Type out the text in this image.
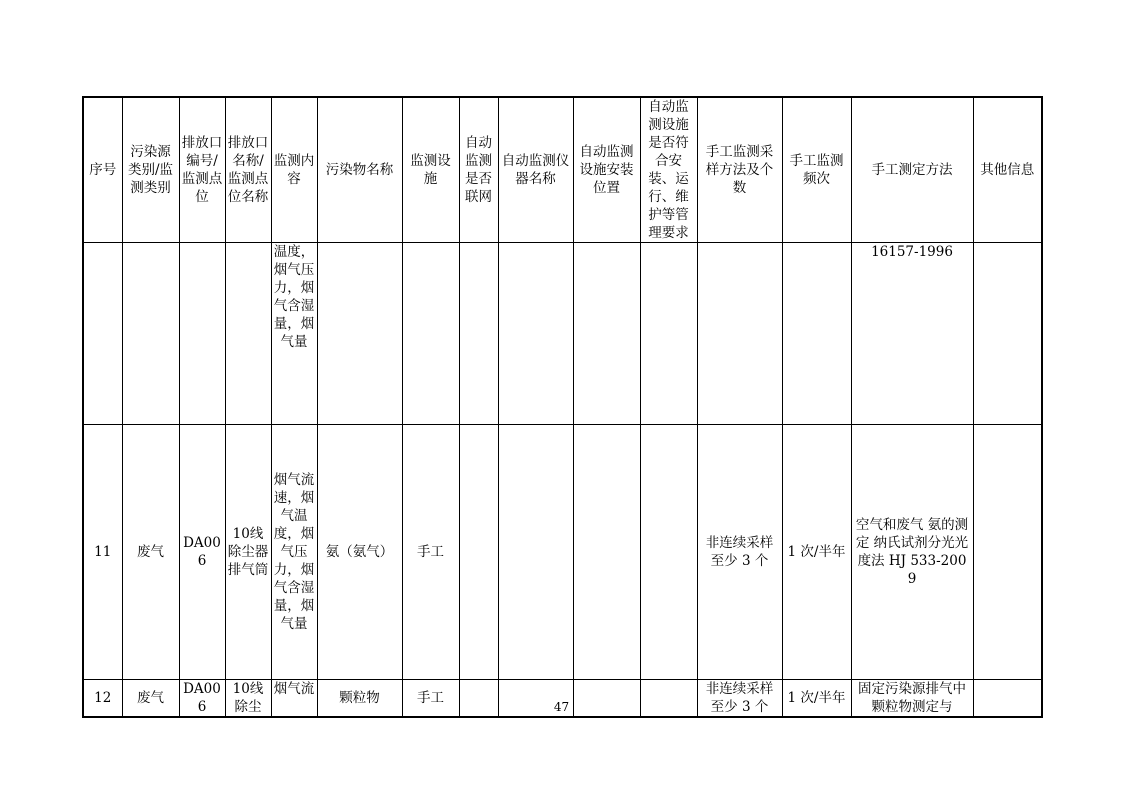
序号	污染源类别/监测类别	排放口编号/监测点位	排放口名称/监测点位名称	监测内容	污染物名称	监测设施	自动监测是否联网	自动监测仪器名称	自动监测设施安装位置	自动监测设施是否符合安装、运行、维护等管理要求	手工监测采样方法及个数	手工监测频次	手工测定方法	其他信息
				温度，烟气压力，烟气含湿量，烟气量									16157-1996	
11	废气	DA006	10线除尘器排气筒	烟气流速，烟气温度，烟气压力，烟气含湿量，烟气量	氨（氨气）	手工					非连续采样 至少 3 个	1 次/半年	空气和废气 氨的测定 纳氏试剂分光光度法 HJ 533-2009	
12	废气	DA006	10线除尘	烟气流	颗粒物	手工					非连续采样 至少 3 个	1 次/半年	固定污染源排气中颗粒物测定与	
47
